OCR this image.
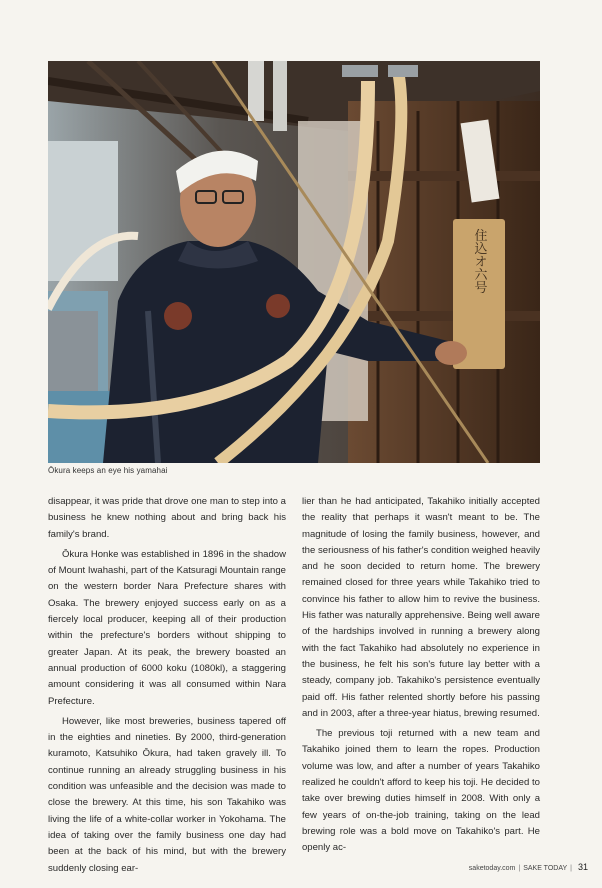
住込オ六号
Ōkura keeps an eye his yamahai

disappear, it was pride that drove one man to step into a business he knew nothing about and bring back his family's brand.

Ōkura Honke was established in 1896 in the shadow of Mount Iwahashi, part of the Katsuragi Mountain range on the western border Nara Prefecture shares with Osaka. The brewery enjoyed success early on as a fiercely local producer, keeping all of their production within the prefecture's borders without shipping to greater Japan. At its peak, the brewery boasted an annual production of 6000 koku (1080kl), a staggering amount considering it was all consumed within Nara Prefecture.

However, like most breweries, business tapered off in the eighties and nineties. By 2000, third-generation kuramoto, Katsuhiko Ōkura, had taken gravely ill. To continue running an already struggling business in his condition was unfeasible and the decision was made to close the brewery. At this time, his son Takahiko was living the life of a white-collar worker in Yokohama. The idea of taking over the family business one day had been at the back of his mind, but with the brewery suddenly closing ear-

lier than he had anticipated, Takahiko initially accepted the reality that perhaps it wasn't meant to be. The magnitude of losing the family business, however, and the seriousness of his father's condition weighed heavily and he soon decided to return home. The brewery remained closed for three years while Takahiko tried to convince his father to allow him to revive the business. His father was naturally apprehensive. Being well aware of the hardships involved in running a brewery along with the fact Takahiko had absolutely no experience in the business, he felt his son's future lay better with a steady, company job. Takahiko's persistence eventually paid off. His father relented shortly before his passing and in 2003, after a three-year hiatus, brewing resumed.

The previous toji returned with a new team and Takahiko joined them to learn the ropes. Production volume was low, and after a number of years Takahiko realized he couldn't afford to keep his toji. He decided to take over brewing duties himself in 2008. With only a few years of on-the-job training, taking on the lead brewing role was a bold move on Takahiko's part. He openly ac-

saketoday.com | SAKE TODAY | 31
